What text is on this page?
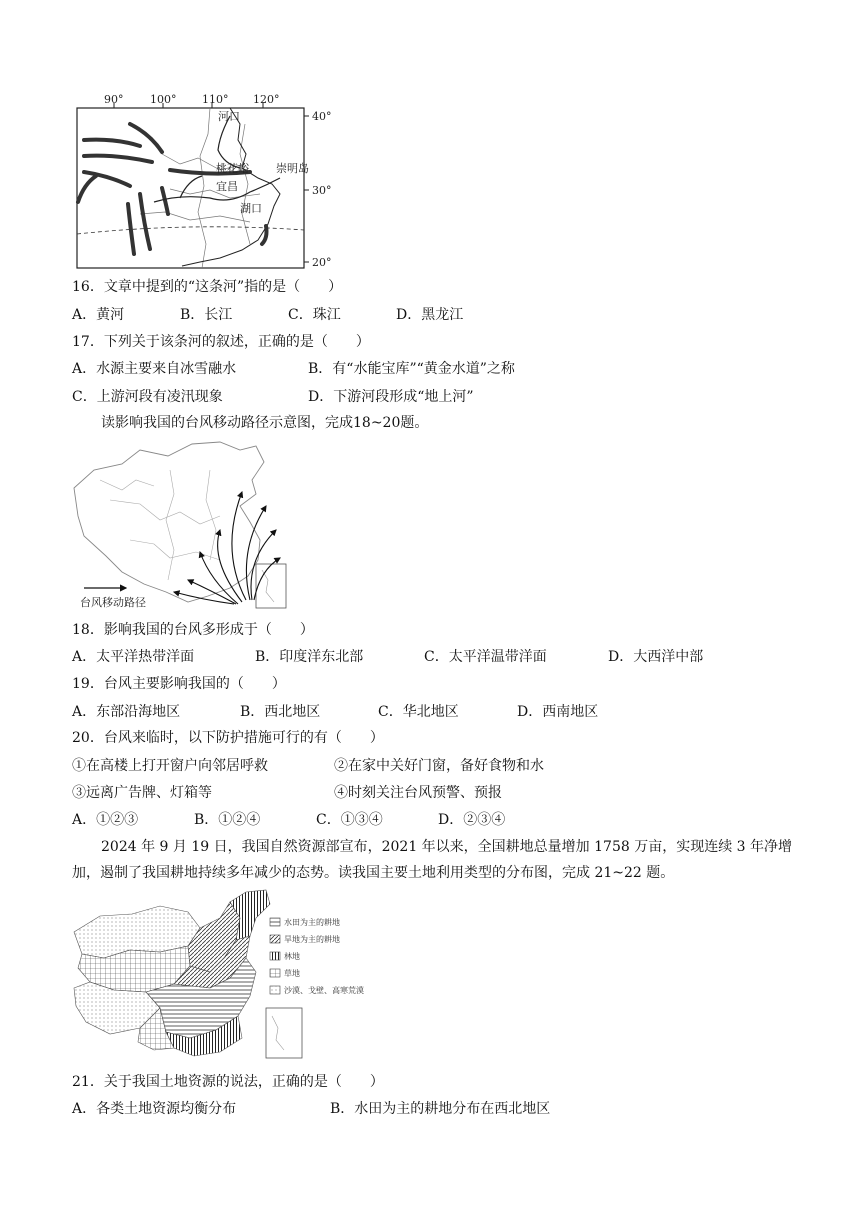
90° 100° 110° 120°
40°
30°
20°
河口
桃花峪
宜昌
崇明岛
湖口
16．文章中提到的“这条河”指的是（　　）
A．黄河	B．长江	C．珠江	D．黑龙江
17．下列关于该条河的叙述，正确的是（　　）
A．水源主要来自冰雪融水	B．有“水能宝库”“黄金水道”之称
C．上游河段有凌汛现象	D．下游河段形成“地上河”
读影响我国的台风移动路径示意图，完成18~20题。
台风移动路径
18．影响我国的台风多形成于（　　）
A．太平洋热带洋面	B．印度洋东北部	C．太平洋温带洋面	D．大西洋中部
19．台风主要影响我国的（　　）
A．东部沿海地区	B．西北地区	C．华北地区	D．西南地区
20．台风来临时，以下防护措施可行的有（　　）
①在高楼上打开窗户向邻居呼救	②在家中关好门窗，备好食物和水
③远离广告牌、灯箱等	④时刻关注台风预警、预报
A．①②③	B．①②④	C．①③④	D．②③④
2024 年 9 月 19 日，我国自然资源部宣布，2021 年以来，全国耕地总量增加 1758 万亩，实现连续 3 年净增加，遏制了我国耕地持续多年减少的态势。读我国主要土地利用类型的分布图，完成 21~22 题。
水田为主的耕地
旱地为主的耕地
林地
草地
沙漠、戈壁、高寒荒漠
21．关于我国土地资源的说法，正确的是（　　）
A．各类土地资源均衡分布	B．水田为主的耕地分布在西北地区
